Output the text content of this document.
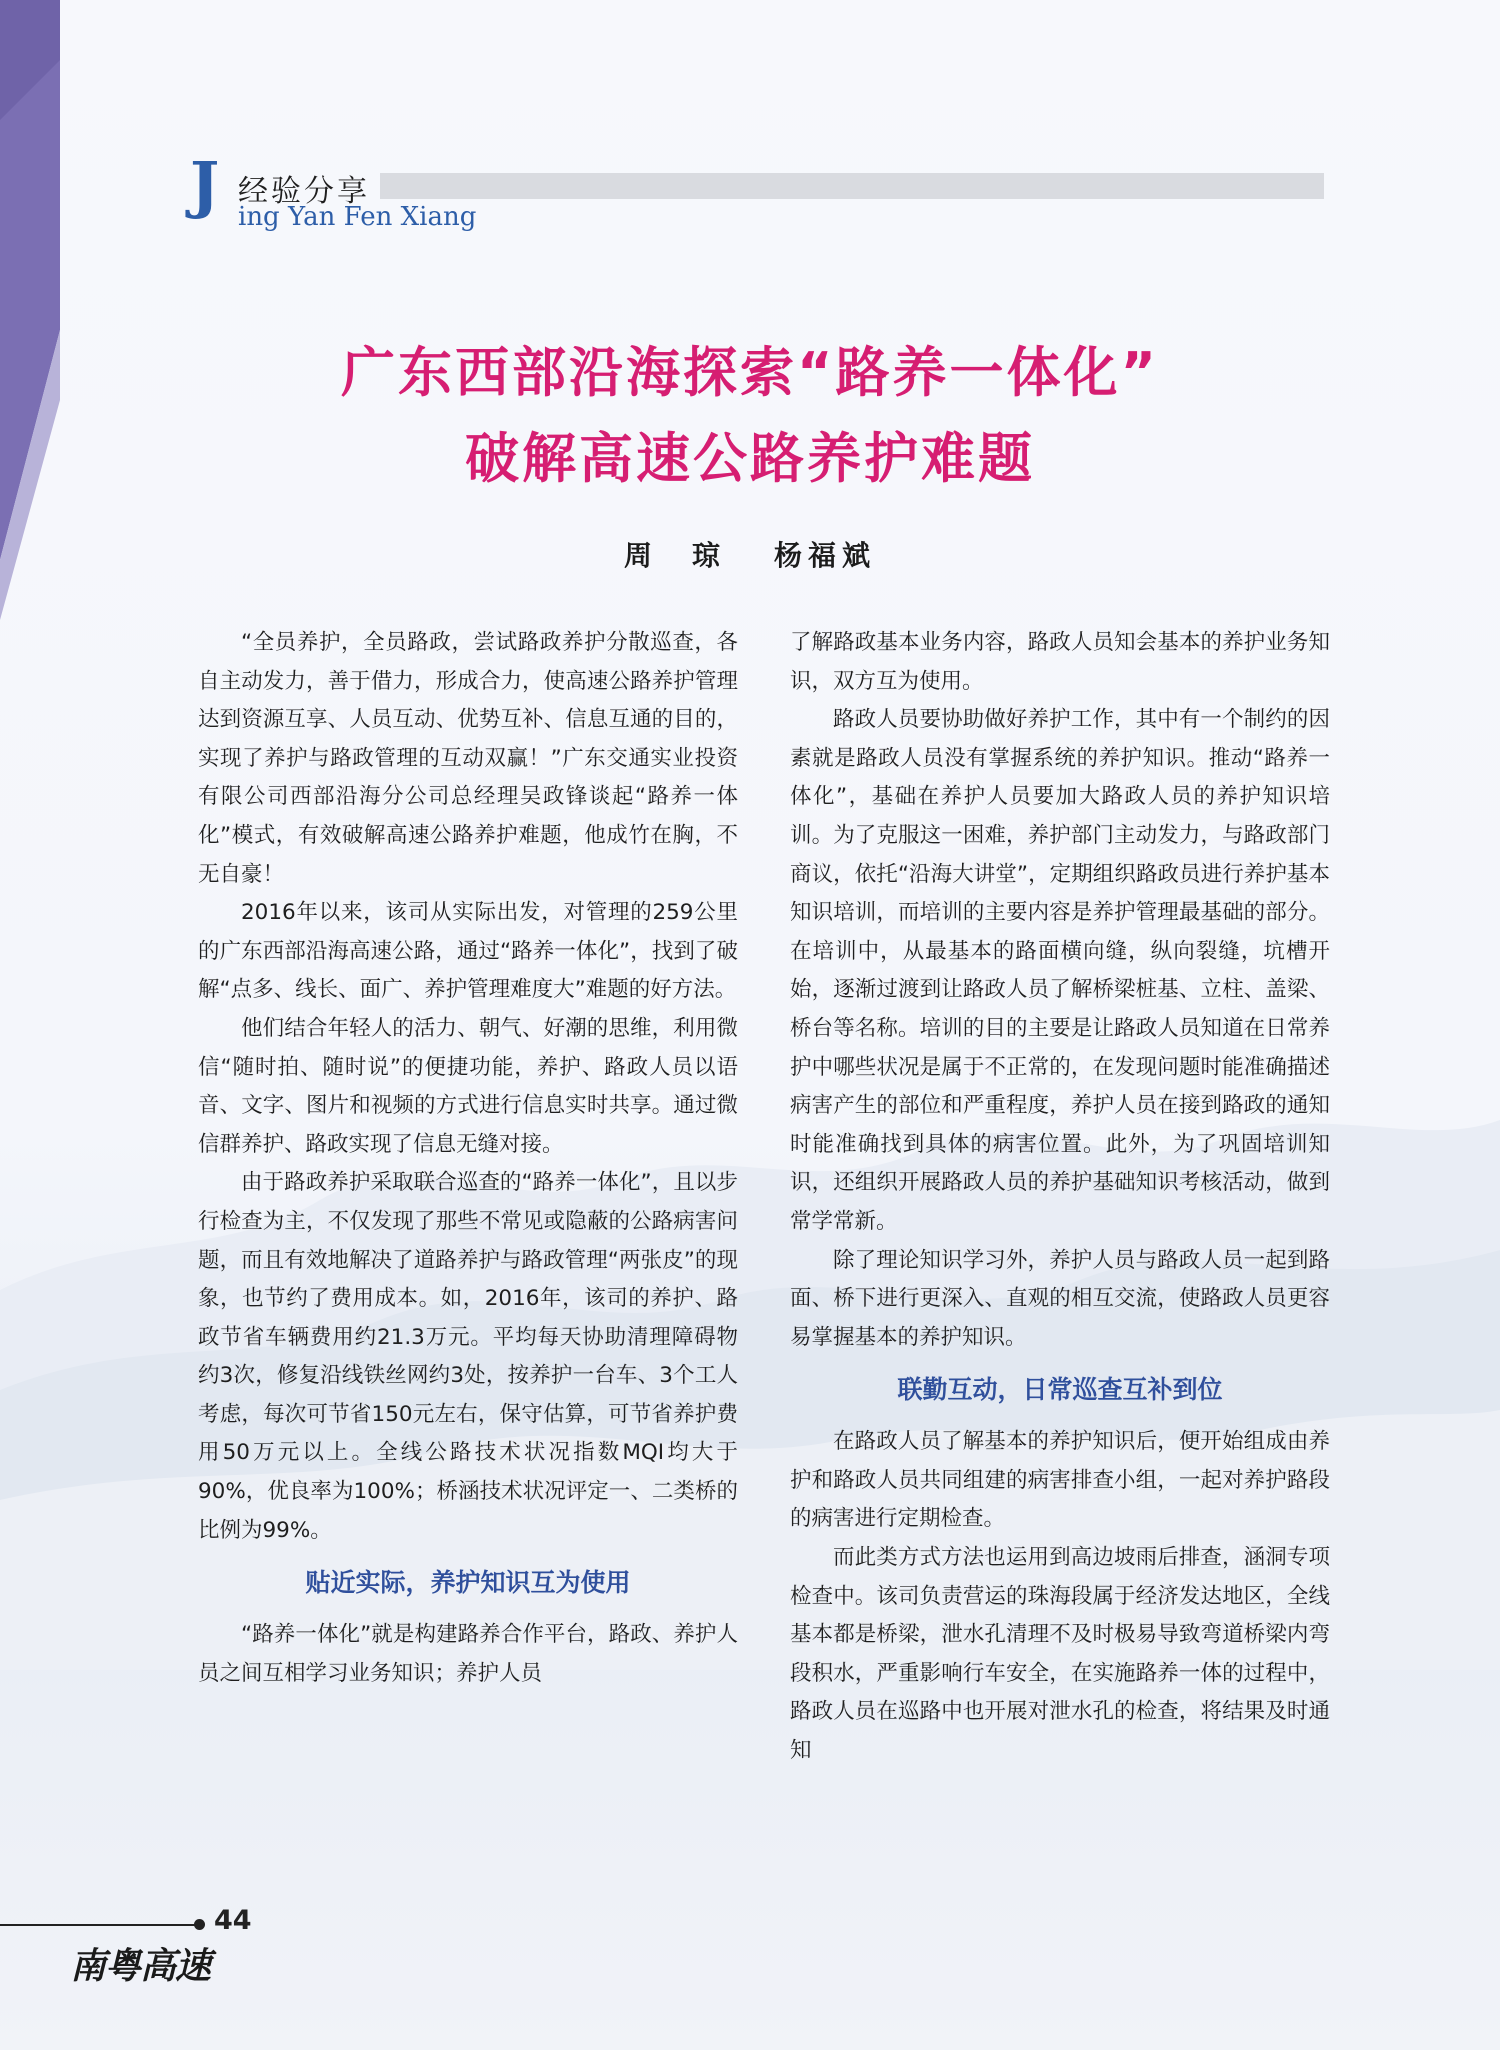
J 经验分享
ing Yan Fen Xiang
广东西部沿海探索“路养一体化”
破解高速公路养护难题
周　琼 杨福斌

“全员养护，全员路政，尝试路政养护分散巡查，各自主动发力，善于借力，形成合力，使高速公路养护管理达到资源互享、人员互动、优势互补、信息互通的目的，实现了养护与路政管理的互动双赢！”广东交通实业投资有限公司西部沿海分公司总经理吴政锋谈起“路养一体化”模式，有效破解高速公路养护难题，他成竹在胸，不无自豪！

2016年以来，该司从实际出发，对管理的259公里的广东西部沿海高速公路，通过“路养一体化”，找到了破解“点多、线长、面广、养护管理难度大”难题的好方法。

他们结合年轻人的活力、朝气、好潮的思维，利用微信“随时拍、随时说”的便捷功能，养护、路政人员以语音、文字、图片和视频的方式进行信息实时共享。通过微信群养护、路政实现了信息无缝对接。

由于路政养护采取联合巡查的“路养一体化”，且以步行检查为主，不仅发现了那些不常见或隐蔽的公路病害问题，而且有效地解决了道路养护与路政管理“两张皮”的现象，也节约了费用成本。如，2016年，该司的养护、路政节省车辆费用约21.3万元。平均每天协助清理障碍物约3次，修复沿线铁丝网约3处，按养护一台车、3个工人考虑，每次可节省150元左右，保守估算，可节省养护费用50万元以上。全线公路技术状况指数MQI均大于90%，优良率为100%；桥涵技术状况评定一、二类桥的比例为99%。

贴近实际，养护知识互为使用

“路养一体化”就是构建路养合作平台，路政、养护人员之间互相学习业务知识；养护人员

了解路政基本业务内容，路政人员知会基本的养护业务知识，双方互为使用。

路政人员要协助做好养护工作，其中有一个制约的因素就是路政人员没有掌握系统的养护知识。推动“路养一体化”，基础在养护人员要加大路政人员的养护知识培训。为了克服这一困难，养护部门主动发力，与路政部门商议，依托“沿海大讲堂”，定期组织路政员进行养护基本知识培训，而培训的主要内容是养护管理最基础的部分。在培训中，从最基本的路面横向缝，纵向裂缝，坑槽开始，逐渐过渡到让路政人员了解桥梁桩基、立柱、盖梁、桥台等名称。培训的目的主要是让路政人员知道在日常养护中哪些状况是属于不正常的，在发现问题时能准确描述病害产生的部位和严重程度，养护人员在接到路政的通知时能准确找到具体的病害位置。此外，为了巩固培训知识，还组织开展路政人员的养护基础知识考核活动，做到常学常新。

除了理论知识学习外，养护人员与路政人员一起到路面、桥下进行更深入、直观的相互交流，使路政人员更容易掌握基本的养护知识。

联勤互动，日常巡查互补到位

在路政人员了解基本的养护知识后，便开始组成由养护和路政人员共同组建的病害排查小组，一起对养护路段的病害进行定期检查。

而此类方式方法也运用到高边坡雨后排查，涵洞专项检查中。该司负责营运的珠海段属于经济发达地区，全线基本都是桥梁，泄水孔清理不及时极易导致弯道桥梁内弯段积水，严重影响行车安全，在实施路养一体的过程中，路政人员在巡路中也开展对泄水孔的检查，将结果及时通知

44
南粤高速
